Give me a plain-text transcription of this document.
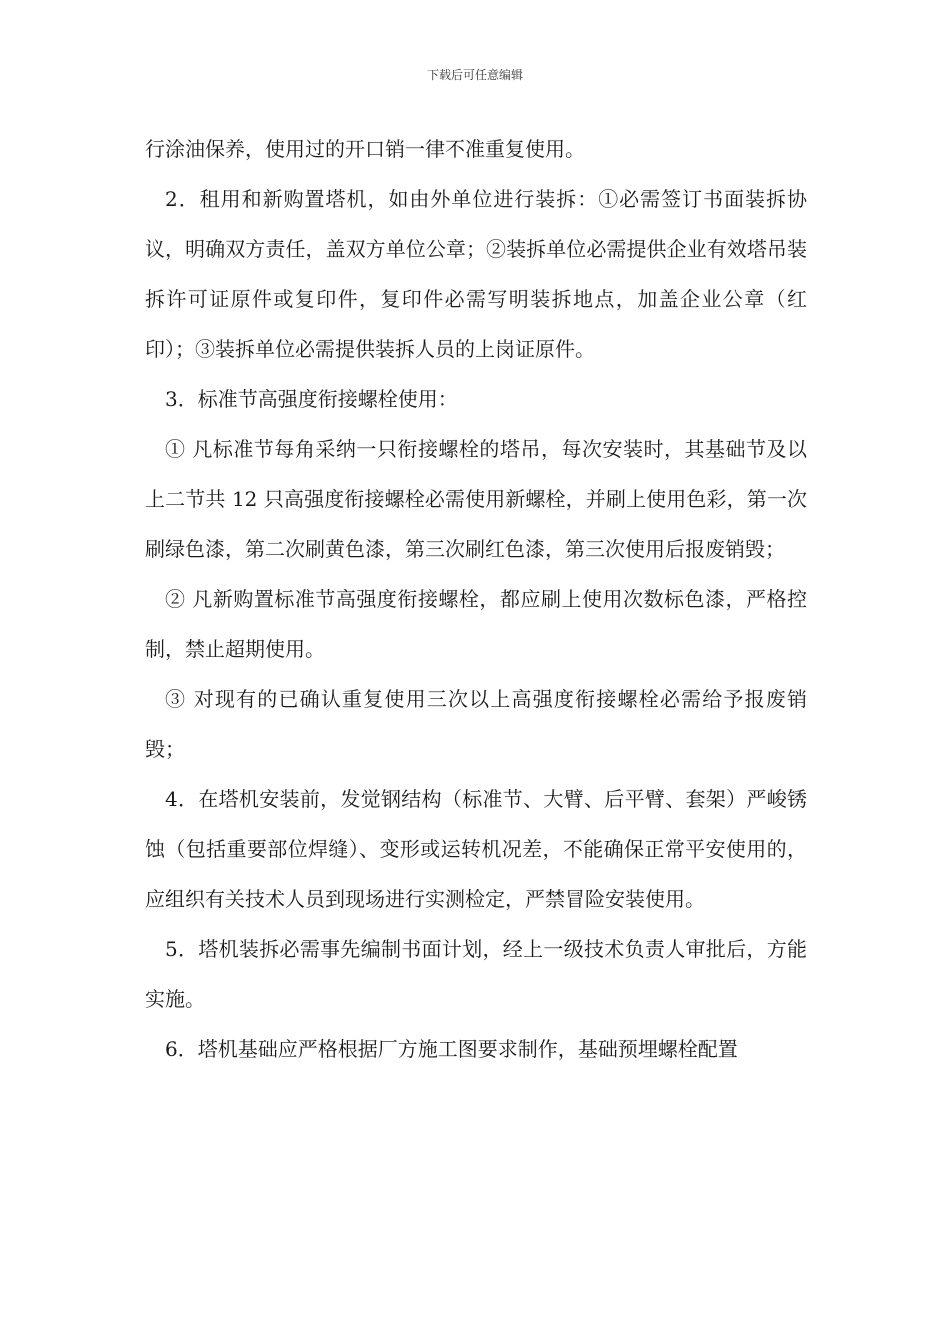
下载后可任意编辑

行涂油保养，使用过的开口销一律不准重复使用。

2．租用和新购置塔机，如由外单位进行装拆：①必需签订书面装拆协议，明确双方责任，盖双方单位公章；②装拆单位必需提供企业有效塔吊装拆许可证原件或复印件，复印件必需写明装拆地点，加盖企业公章（红印）；③装拆单位必需提供装拆人员的上岗证原件。

3．标准节高强度衔接螺栓使用：

① 凡标准节每角采纳一只衔接螺栓的塔吊，每次安装时，其基础节及以上二节共 12 只高强度衔接螺栓必需使用新螺栓，并刷上使用色彩，第一次刷绿色漆，第二次刷黄色漆，第三次刷红色漆，第三次使用后报废销毁；

② 凡新购置标准节高强度衔接螺栓，都应刷上使用次数标色漆，严格控制，禁止超期使用。

③ 对现有的已确认重复使用三次以上高强度衔接螺栓必需给予报废销毁；

4．在塔机安装前，发觉钢结构（标准节、大臂、后平臂、套架）严峻锈蚀（包括重要部位焊缝）、变形或运转机况差，不能确保正常平安使用的，应组织有关技术人员到现场进行实测检定，严禁冒险安装使用。

5．塔机装拆必需事先编制书面计划，经上一级技术负责人审批后，方能实施。

6．塔机基础应严格根据厂方施工图要求制作，基础预埋螺栓配置
